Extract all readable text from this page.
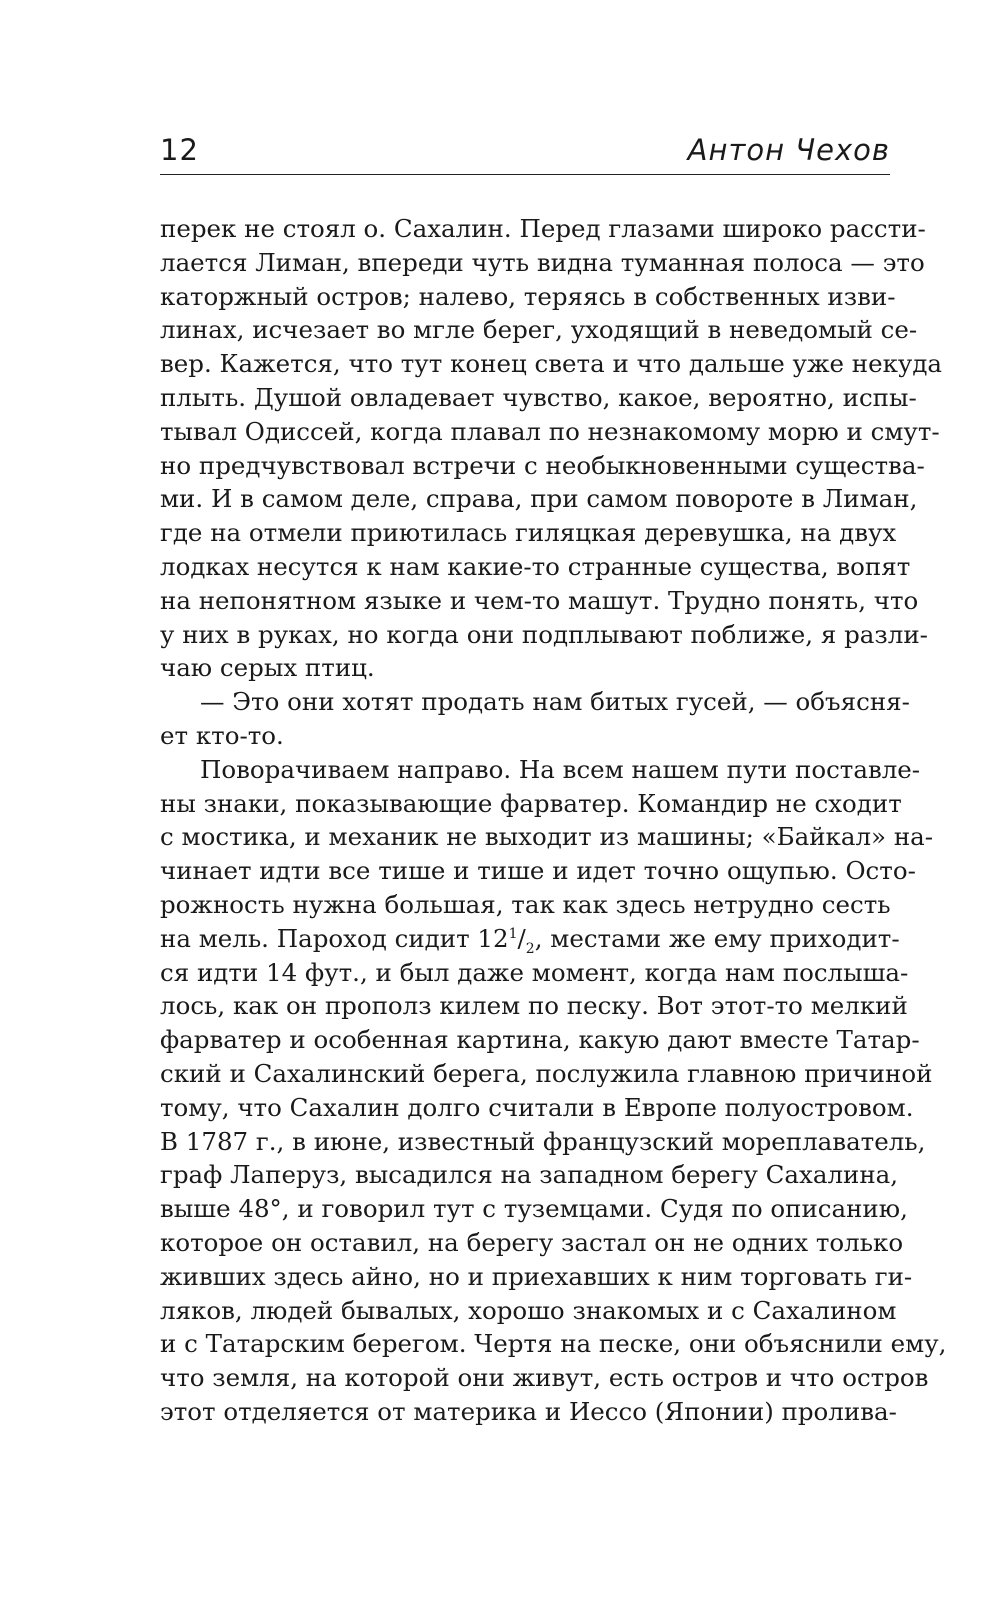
12	Антон Чехов
перек не стоял о. Сахалин. Перед глазами широко рассти-
лается Лиман, впереди чуть видна туманная полоса — это
каторжный остров; налево, теряясь в собственных изви-
линах, исчезает во мгле берег, уходящий в неведомый се-
вер. Кажется, что тут конец света и что дальше уже некуда
плыть. Душой овладевает чувство, какое, вероятно, испы-
тывал Одиссей, когда плавал по незнакомому морю и смут-
но предчувствовал встречи с необыкновенными существа-
ми. И в самом деле, справа, при самом повороте в Лиман,
где на отмели приютилась гиляцкая деревушка, на двух
лодках несутся к нам какие-то странные существа, вопят
на непонятном языке и чем-то машут. Трудно понять, что
у них в руках, но когда они подплывают поближе, я разли-
чаю серых птиц.
— Это они хотят продать нам битых гусей, — объясня-
ет кто-то.
Поворачиваем направо. На всем нашем пути поставле-
ны знаки, показывающие фарватер. Командир не сходит
с мостика, и механик не выходит из машины; «Байкал» на-
чинает идти все тише и тише и идет точно ощупью. Осто-
рожность нужна большая, так как здесь нетрудно сесть
на мель. Пароход сидит $12^1/_2$, местами же ему приходит-
ся идти 14 фут., и был даже момент, когда нам послыша-
лось, как он прополз килем по песку. Вот этот-то мелкий
фарватер и особенная картина, какую дают вместе Татар-
ский и Сахалинский берега, послужила главною причиной
тому, что Сахалин долго считали в Европе полуостровом.
В 1787 г., в июне, известный французский мореплаватель,
граф Лаперуз, высадился на западном берегу Сахалина,
выше 48°, и говорил тут с туземцами. Судя по описанию,
которое он оставил, на берегу застал он не одних только
живших здесь айно, но и приехавших к ним торговать ги-
ляков, людей бывалых, хорошо знакомых и с Сахалином
и с Татарским берегом. Чертя на песке, они объяснили ему,
что земля, на которой они живут, есть остров и что остров
этот отделяется от материка и Иессо (Японии) пролива-
